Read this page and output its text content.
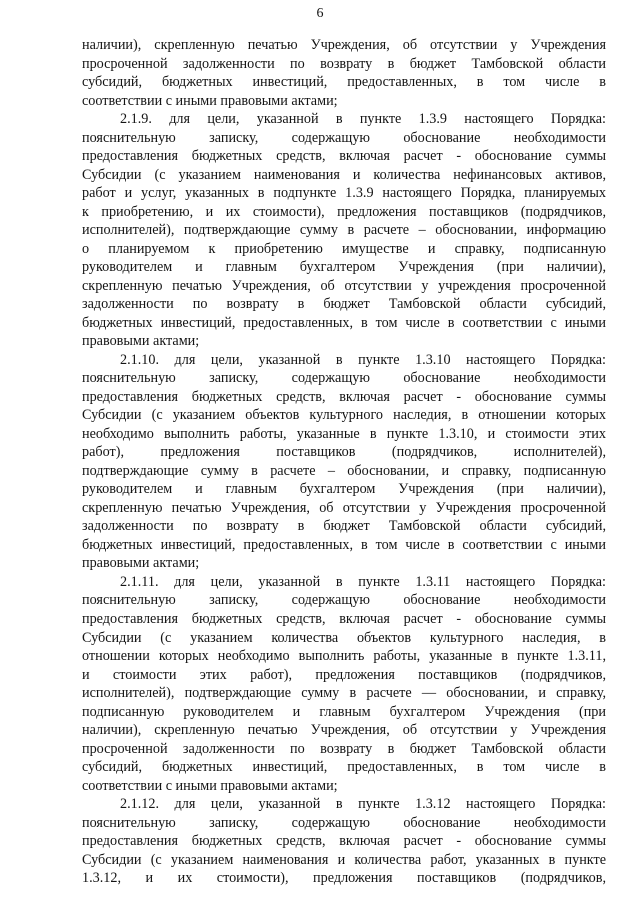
6
наличии), скрепленную печатью Учреждения, об отсутствии у Учреждения
просроченной задолженности по возврату в бюджет Тамбовской области
субсидий, бюджетных инвестиций, предоставленных, в том числе в
соответствии с иными правовыми актами;
2.1.9. для цели, указанной в пункте 1.3.9 настоящего Порядка:
пояснительную записку, содержащую обоснование необходимости
предоставления бюджетных средств, включая расчет - обоснование суммы
Субсидии (с указанием наименования и количества нефинансовых активов,
работ и услуг, указанных в подпункте 1.3.9 настоящего Порядка, планируемых
к приобретению, и их стоимости), предложения поставщиков (подрядчиков,
исполнителей), подтверждающие сумму в расчете – обосновании, информацию
о планируемом к приобретению имуществе и справку, подписанную
руководителем и главным бухгалтером Учреждения (при наличии),
скрепленную печатью Учреждения, об отсутствии у учреждения просроченной
задолженности по возврату в бюджет Тамбовской области субсидий,
бюджетных инвестиций, предоставленных, в том числе в соответствии с иными
правовыми актами;
2.1.10. для цели, указанной в пункте 1.3.10 настоящего Порядка:
пояснительную записку, содержащую обоснование необходимости
предоставления бюджетных средств, включая расчет - обоснование суммы
Субсидии (с указанием объектов культурного наследия, в отношении которых
необходимо выполнить работы, указанные в пункте 1.3.10, и стоимости этих
работ), предложения поставщиков (подрядчиков, исполнителей),
подтверждающие сумму в расчете – обосновании, и справку, подписанную
руководителем и главным бухгалтером Учреждения (при наличии),
скрепленную печатью Учреждения, об отсутствии у Учреждения просроченной
задолженности по возврату в бюджет Тамбовской области субсидий,
бюджетных инвестиций, предоставленных, в том числе в соответствии с иными
правовыми актами;
2.1.11. для цели, указанной в пункте 1.3.11 настоящего Порядка:
пояснительную записку, содержащую обоснование необходимости
предоставления бюджетных средств, включая расчет - обоснование суммы
Субсидии (с указанием количества объектов культурного наследия, в
отношении которых необходимо выполнить работы, указанные в пункте 1.3.11,
и стоимости этих работ), предложения поставщиков (подрядчиков,
исполнителей), подтверждающие сумму в расчете — обосновании, и справку,
подписанную руководителем и главным бухгалтером Учреждения (при
наличии), скрепленную печатью Учреждения, об отсутствии у Учреждения
просроченной задолженности по возврату в бюджет Тамбовской области
субсидий, бюджетных инвестиций, предоставленных, в том числе в
соответствии с иными правовыми актами;
2.1.12. для цели, указанной в пункте 1.3.12 настоящего Порядка:
пояснительную записку, содержащую обоснование необходимости
предоставления бюджетных средств, включая расчет - обоснование суммы
Субсидии (с указанием наименования и количества работ, указанных в пункте
1.3.12, и их стоимости), предложения поставщиков (подрядчиков,
